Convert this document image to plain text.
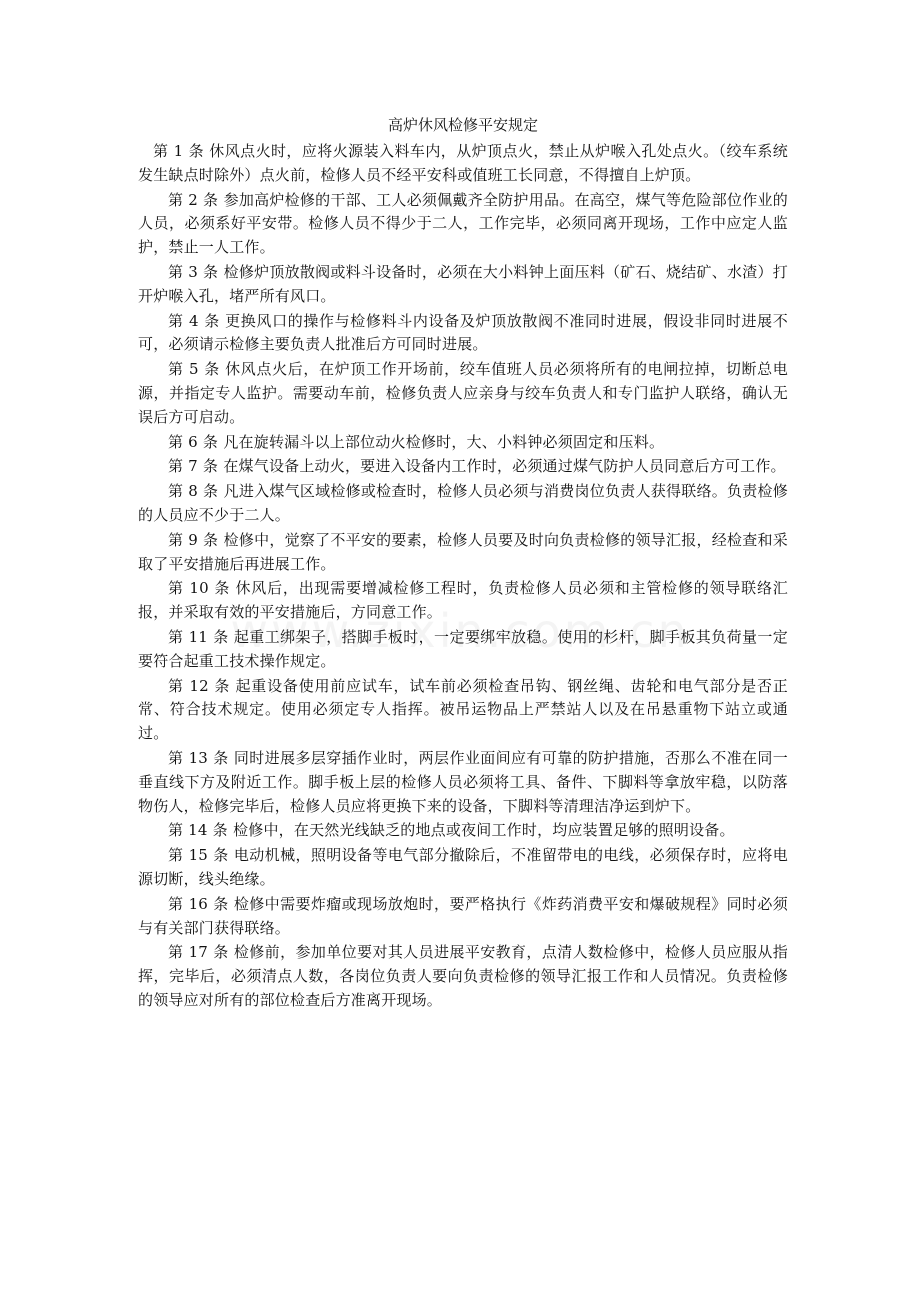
高炉休风检修平安规定
第 1 条 休风点火时，应将火源装入料车内，从炉顶点火，禁止从炉喉入孔处点火。（绞车系统发生缺点时除外）点火前，检修人员不经平安科或值班工长同意，不得擅自上炉顶。
第 2 条 参加高炉检修的干部、工人必须佩戴齐全防护用品。在高空，煤气等危险部位作业的人员，必须系好平安带。检修人员不得少于二人，工作完毕，必须同离开现场，工作中应定人监护，禁止一人工作。
第 3 条 检修炉顶放散阀或料斗设备时，必须在大小料钟上面压料（矿石、烧结矿、水渣）打开炉喉入孔，堵严所有风口。
第 4 条 更换风口的操作与检修料斗内设备及炉顶放散阀不准同时进展，假设非同时进展不可，必须请示检修主要负责人批准后方可同时进展。
第 5 条 休风点火后，在炉顶工作开场前，绞车值班人员必须将所有的电闸拉掉，切断总电源，并指定专人监护。需要动车前，检修负责人应亲身与绞车负责人和专门监护人联络，确认无误后方可启动。
第 6 条 凡在旋转漏斗以上部位动火检修时，大、小料钟必须固定和压料。
第 7 条 在煤气设备上动火，要进入设备内工作时，必须通过煤气防护人员同意后方可工作。
第 8 条 凡进入煤气区域检修或检查时，检修人员必须与消费岗位负责人获得联络。负责检修的人员应不少于二人。
第 9 条 检修中，觉察了不平安的要素，检修人员要及时向负责检修的领导汇报，经检查和采取了平安措施后再进展工作。
第 10 条 休风后，出现需要增减检修工程时，负责检修人员必须和主管检修的领导联络汇报，并采取有效的平安措施后，方同意工作。
第 11 条 起重工绑架子，搭脚手板时，一定要绑牢放稳。使用的杉杆，脚手板其负荷量一定要符合起重工技术操作规定。
第 12 条 起重设备使用前应试车，试车前必须检查吊钩、钢丝绳、齿轮和电气部分是否正常、符合技术规定。使用必须定专人指挥。被吊运物品上严禁站人以及在吊悬重物下站立或通过。
第 13 条 同时进展多层穿插作业时，两层作业面间应有可靠的防护措施，否那么不准在同一垂直线下方及附近工作。脚手板上层的检修人员必须将工具、备件、下脚料等拿放牢稳，以防落物伤人，检修完毕后，检修人员应将更换下来的设备，下脚料等清理洁净运到炉下。
第 14 条 检修中，在天然光线缺乏的地点或夜间工作时，均应装置足够的照明设备。
第 15 条 电动机械，照明设备等电气部分撤除后，不准留带电的电线，必须保存时，应将电源切断，线头绝缘。
第 16 条 检修中需要炸瘤或现场放炮时，要严格执行《炸药消费平安和爆破规程》同时必须与有关部门获得联络。
第 17 条 检修前，参加单位要对其人员进展平安教育，点清人数检修中，检修人员应服从指挥，完毕后，必须清点人数，各岗位负责人要向负责检修的领导汇报工作和人员情况。负责检修的领导应对所有的部位检查后方准离开现场。
